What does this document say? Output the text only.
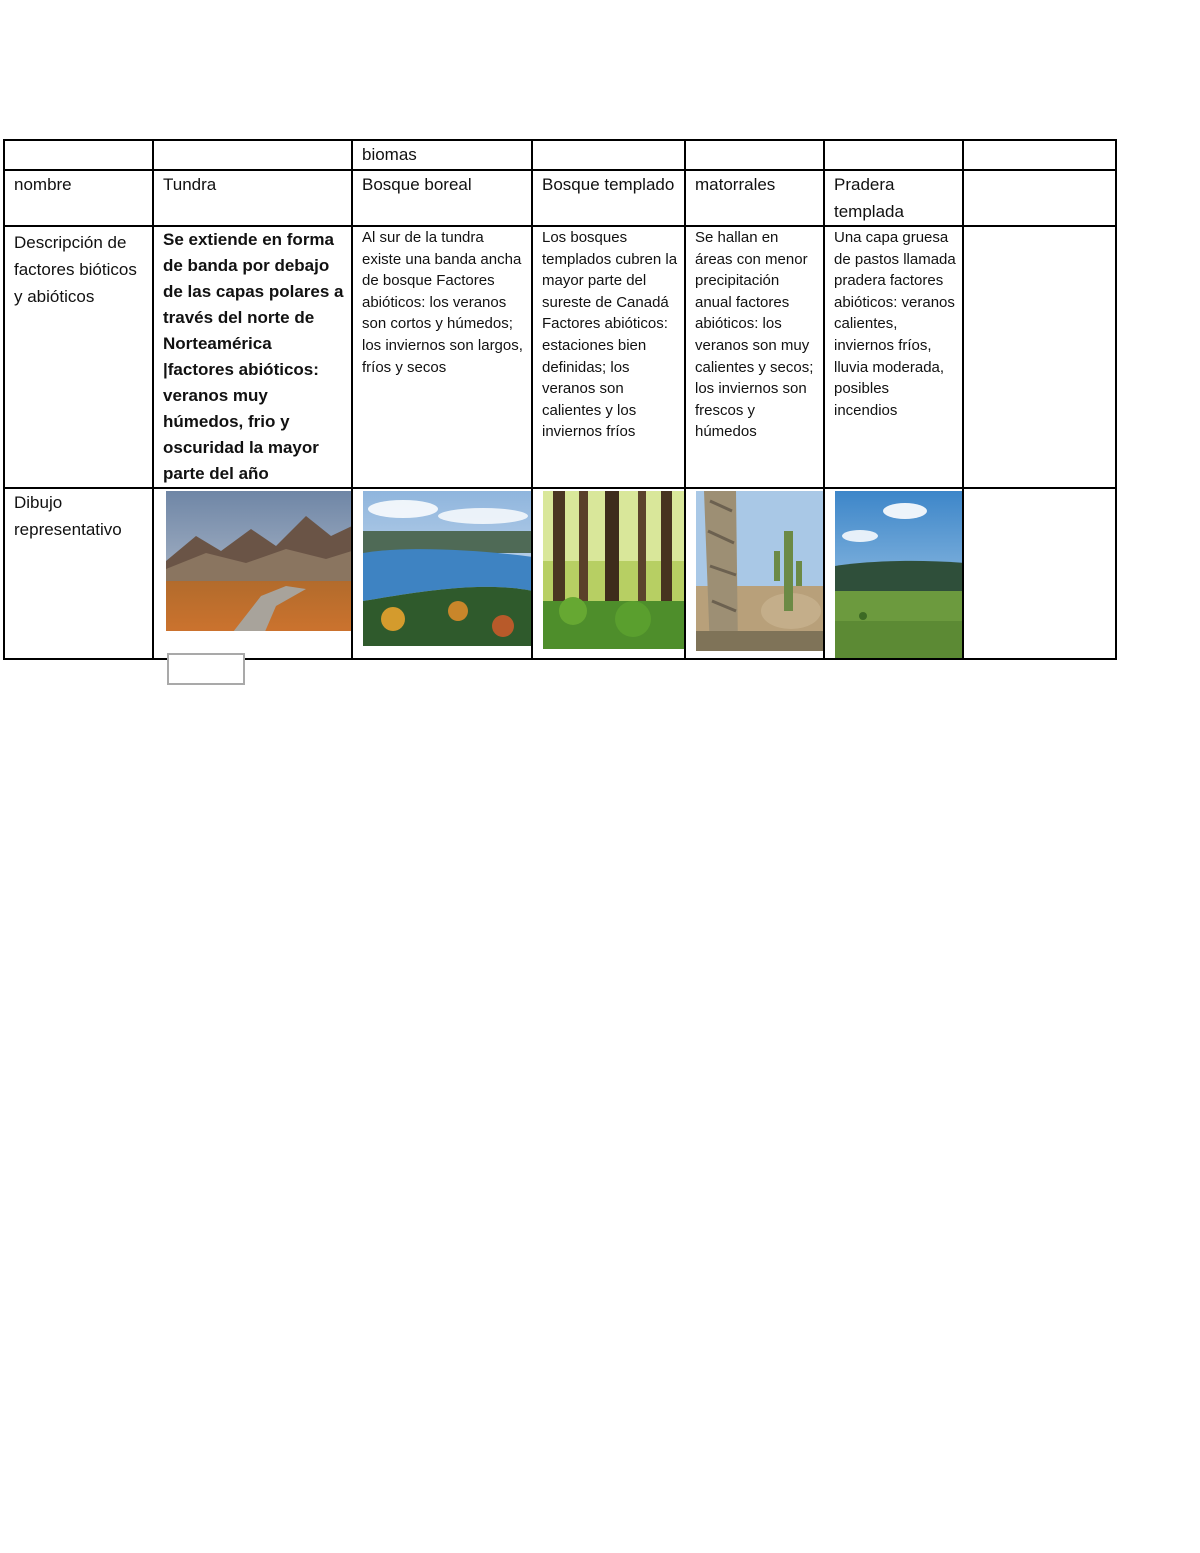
		biomas				
nombre	Tundra	Bosque boreal	Bosque templado	matorrales	Pradera templada	
Descripción de factores bióticos y abióticos	Se extiende en forma de banda por debajo de las capas polares a través del norte de Norteamérica |factores abióticos: veranos muy húmedos, frio y oscuridad la mayor parte del año	Al sur de la tundra existe una banda ancha de bosque Factores abióticos: los veranos son cortos y húmedos; los inviernos son largos, fríos y secos	Los bosques templados cubren la mayor parte del sureste de Canadá Factores abióticos: estaciones bien definidas; los veranos son calientes y los inviernos fríos	Se hallan en áreas con menor precipitación anual factores abióticos: los veranos son muy calientes y secos; los inviernos son frescos y húmedos	Una capa gruesa de pastos llamada pradera factores abióticos: veranos calientes, inviernos fríos, lluvia moderada, posibles incendios	
Dibujo representativo	
